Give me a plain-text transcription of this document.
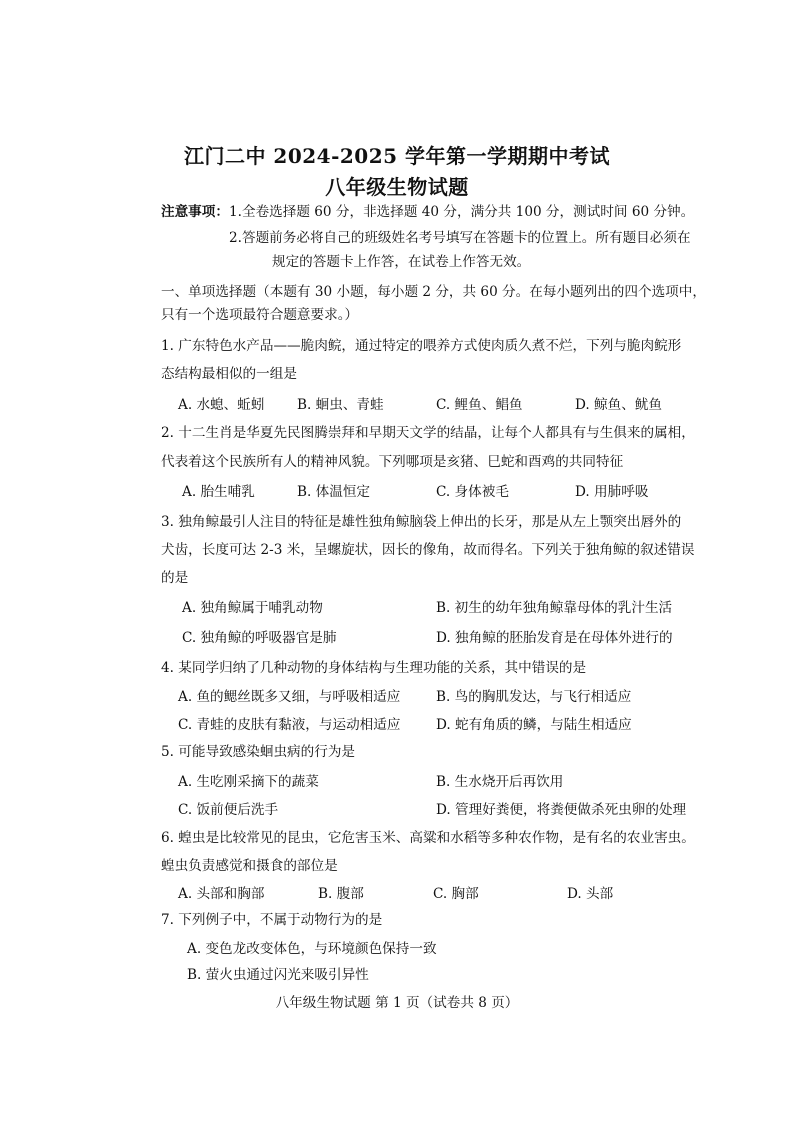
江门二中 2024-2025 学年第一学期期中考试
八年级生物试题
注意事项： 1.全卷选择题 60 分，非选择题 40 分，满分共 100 分，测试时间 60 分钟。
2.答题前务必将自己的班级姓名考号填写在答题卡的位置上。所有题目必须在
规定的答题卡上作答，在试卷上作答无效。
一、单项选择题（本题有 30 小题，每小题 2 分，共 60 分。在每小题列出的四个选项中，
只有一个选项最符合题意要求。）
1. 广东特色水产品——脆肉鲩，通过特定的喂养方式使肉质久煮不烂，下列与脆肉鲩形
态结构最相似的一组是
A. 水螅、蚯蚓 B. 蛔虫、青蛙	C. 鲤鱼、鲳鱼	D. 鲸鱼、鱿鱼
2. 十二生肖是华夏先民图腾崇拜和早期天文学的结晶，让每个人都具有与生俱来的属相，
代表着这个民族所有人的精神风貌。下列哪项是亥猪、巳蛇和酉鸡的共同特征
A. 胎生哺乳	B. 体温恒定	C. 身体被毛	D. 用肺呼吸
3. 独角鲸最引人注目的特征是雄性独角鲸脑袋上伸出的长牙，那是从左上颚突出唇外的
犬齿，长度可达 2-3 米，呈螺旋状，因长的像角，故而得名。下列关于独角鲸的叙述错误
的是
A. 独角鲸属于哺乳动物	B. 初生的幼年独角鲸靠母体的乳汁生活
C. 独角鲸的呼吸器官是肺	D. 独角鲸的胚胎发育是在母体外进行的
4. 某同学归纳了几种动物的身体结构与生理功能的关系，其中错误的是
A. 鱼的鳃丝既多又细，与呼吸相适应	B. 鸟的胸肌发达，与飞行相适应
C. 青蛙的皮肤有黏液，与运动相适应	D. 蛇有角质的鳞，与陆生相适应
5. 可能导致感染蛔虫病的行为是
A. 生吃刚采摘下的蔬菜	B. 生水烧开后再饮用
C. 饭前便后洗手	D. 管理好粪便，将粪便做杀死虫卵的处理
6. 蝗虫是比较常见的昆虫，它危害玉米、高粱和水稻等多种农作物，是有名的农业害虫。
蝗虫负责感觉和摄食的部位是
A. 头部和胸部	B. 腹部	C. 胸部	D. 头部
7. 下列例子中，不属于动物行为的是
A. 变色龙改变体色，与环境颜色保持一致
B. 萤火虫通过闪光来吸引异性
八年级生物试题 第 1 页（试卷共 8 页）
